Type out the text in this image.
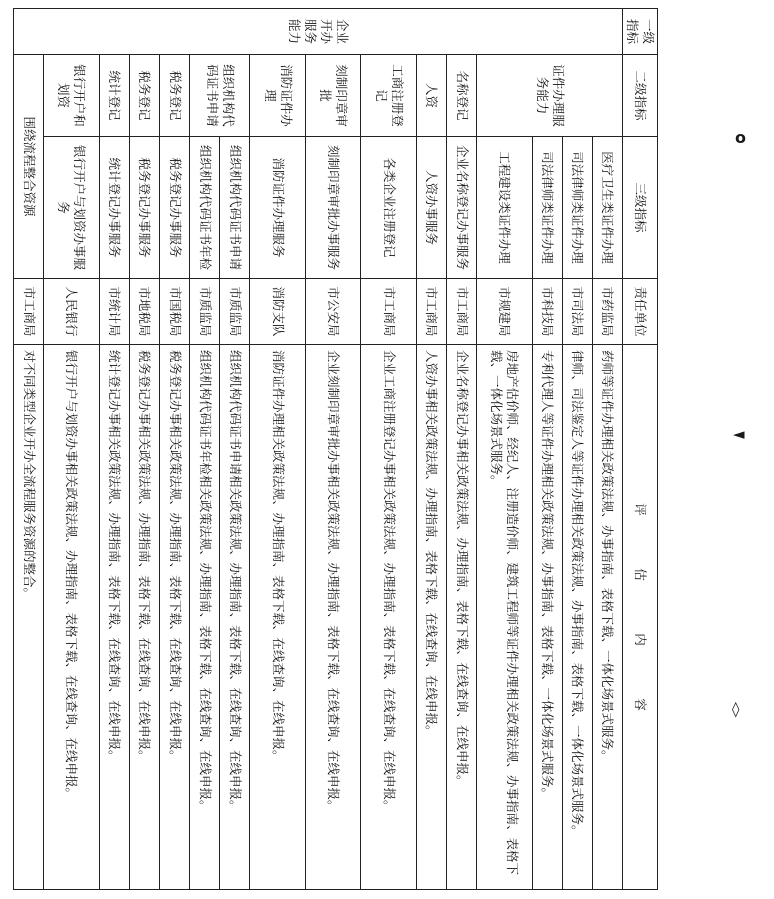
一级指标	二级指标	三级指标	责任单位	评　估　内　容
企业开办服务能力	证件办理服务能力	医疗卫生类证件办理	市药监局	药师等证件办理相关政策法规、办事指南、表格下载、一体化场景式服务。
		司法律师类证件办理	市司法局	律师、司法鉴定人等证件办理相关政策法规、办事指南、表格下载、一体化场景式服务。
		司法律师类证件办理	市科技局	专利代理人等证件办理相关政策法规、办事指南、表格下载、一体化场景式服务。
		工程建设类证件办理	市规建局	房地产估价师、经纪人、注册造价师、建筑工程师等证件办理相关政策法规、办事指南、表格下载、一体化场景式服务。
	名称登记	企业名称登记办事服务	市工商局	企业名称登记办事相关政策法规、办理指南、表格下载、在线查询、在线申报。
	人资	人资办事服务	市工商局	人资办事相关政策法规、办理指南、表格下载、在线查询、在线申报。
	工商注册登记	各类企业注册登记	市工商局	企业工商注册登记办事相关政策法规、办理指南、表格下载、在线查询、在线申报。
	刻制印章审批	刻制印章审批办事服务	市公安局	企业刻制印章审批办事相关政策法规、办理指南、表格下载、在线查询、在线申报。
	消防证件办理	消防证件办理服务	消防支队	消防证件办理相关政策法规、办理指南、表格下载、在线查询、在线申报。
	组织机构代码证书申请	组织机构代码证书申请	市质监局	组织机构代码证书申请相关政策法规、办理指南、表格下载、在线查询、在线申报。
		组织机构代码证书年检	市质监局	组织机构代码证书年检相关政策法规、办理指南、表格下载、在线查询、在线申报。
	税务登记	税务登记办事服务	市国税局	税务登记办事相关政策法规、办理指南、表格下载、在线查询、在线申报。
	税务登记	税务登记办事服务	市地税局	税务登记办事相关政策法规、办理指南、表格下载、在线查询、在线申报。
	统计登记	统计登记办事服务	市统计局	统计登记办事相关政策法规、办理指南、表格下载、在线查询、在线申报。
	银行开户和划资	银行开户与划资办事服务	人民银行	银行开户与划资办事相关政策法规、办理指南、表格下载、在线查询、在线申报。
	围绕流程整合资源		市工商局	对不同类型企业开办全流程服务资源的整合。
o
◄
◊
